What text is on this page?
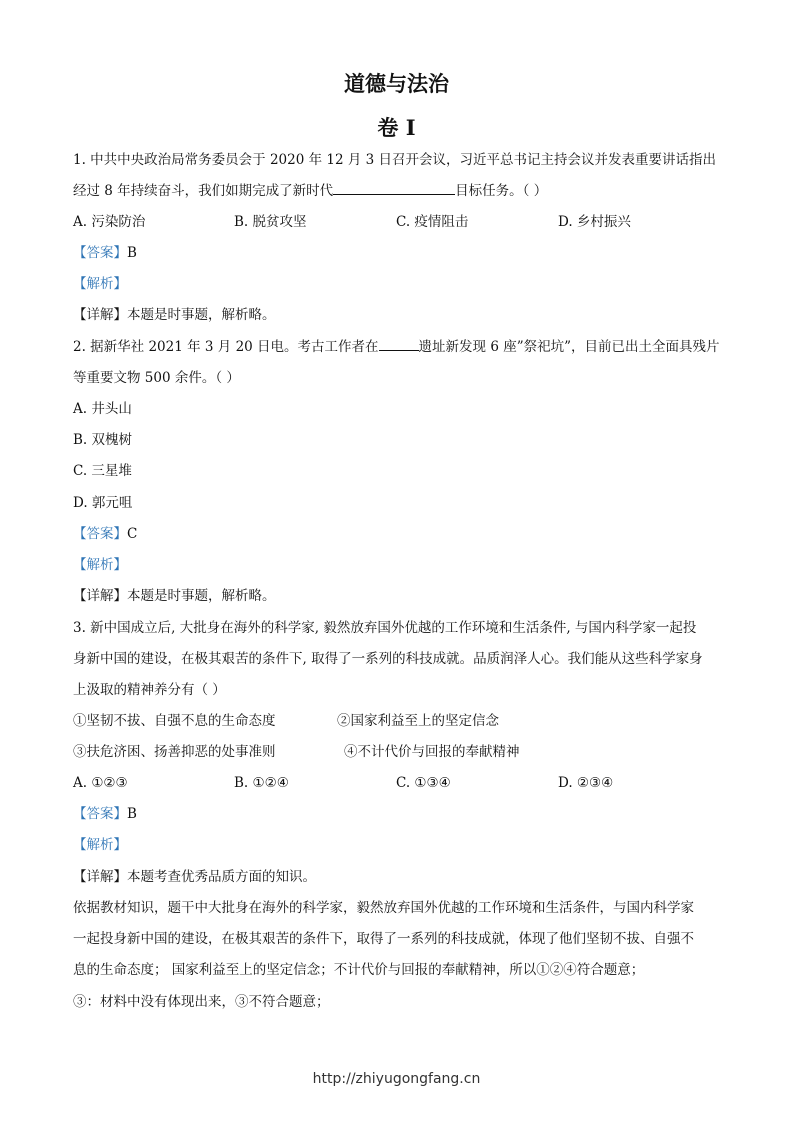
道德与法治
卷 I
1. 中共中央政治局常务委员会于 2020 年 12 月 3 日召开会议，习近平总书记主持会议并发表重要讲话指出
经过 8 年持续奋斗，我们如期完成了新时代	目标任务。（ ）
A. 污染防治	B. 脱贫攻坚	C. 疫情阻击	D. 乡村振兴
【答案】B
【解析】
【详解】本题是时事题，解析略。
2. 据新华社 2021 年 3 月 20 日电。考古工作者在	遗址新发现 6 座”祭祀坑”，目前已出土全面具残片
等重要文物 500 余件。（ ）
A. 井头山
B. 双槐树
C. 三星堆
D. 郭元咀
【答案】C
【解析】
【详解】本题是时事题，解析略。
3. 新中国成立后, 大批身在海外的科学家, 毅然放弃国外优越的工作环境和生活条件, 与国内科学家一起投
身新中国的建设，在极其艰苦的条件下, 取得了一系列的科技成就。品质润泽人心。我们能从这些科学家身
上汲取的精神养分有（ ）
①坚韧不拔、自强不息的生命态度	②国家利益至上的坚定信念
③扶危济困、扬善抑恶的处事准则	④不计代价与回报的奉献精神
A. ①②③	B. ①②④	C. ①③④	D. ②③④
【答案】B
【解析】
【详解】本题考查优秀品质方面的知识。
依据教材知识，题干中大批身在海外的科学家，毅然放弃国外优越的工作环境和生活条件，与国内科学家
一起投身新中国的建设，在极其艰苦的条件下，取得了一系列的科技成就，体现了他们坚韧不拔、自强不
息的生命态度； 国家利益至上的坚定信念；不计代价与回报的奉献精神，所以①②④符合题意；
③：材料中没有体现出来，③不符合题意；
http://zhiyugongfang.cn
